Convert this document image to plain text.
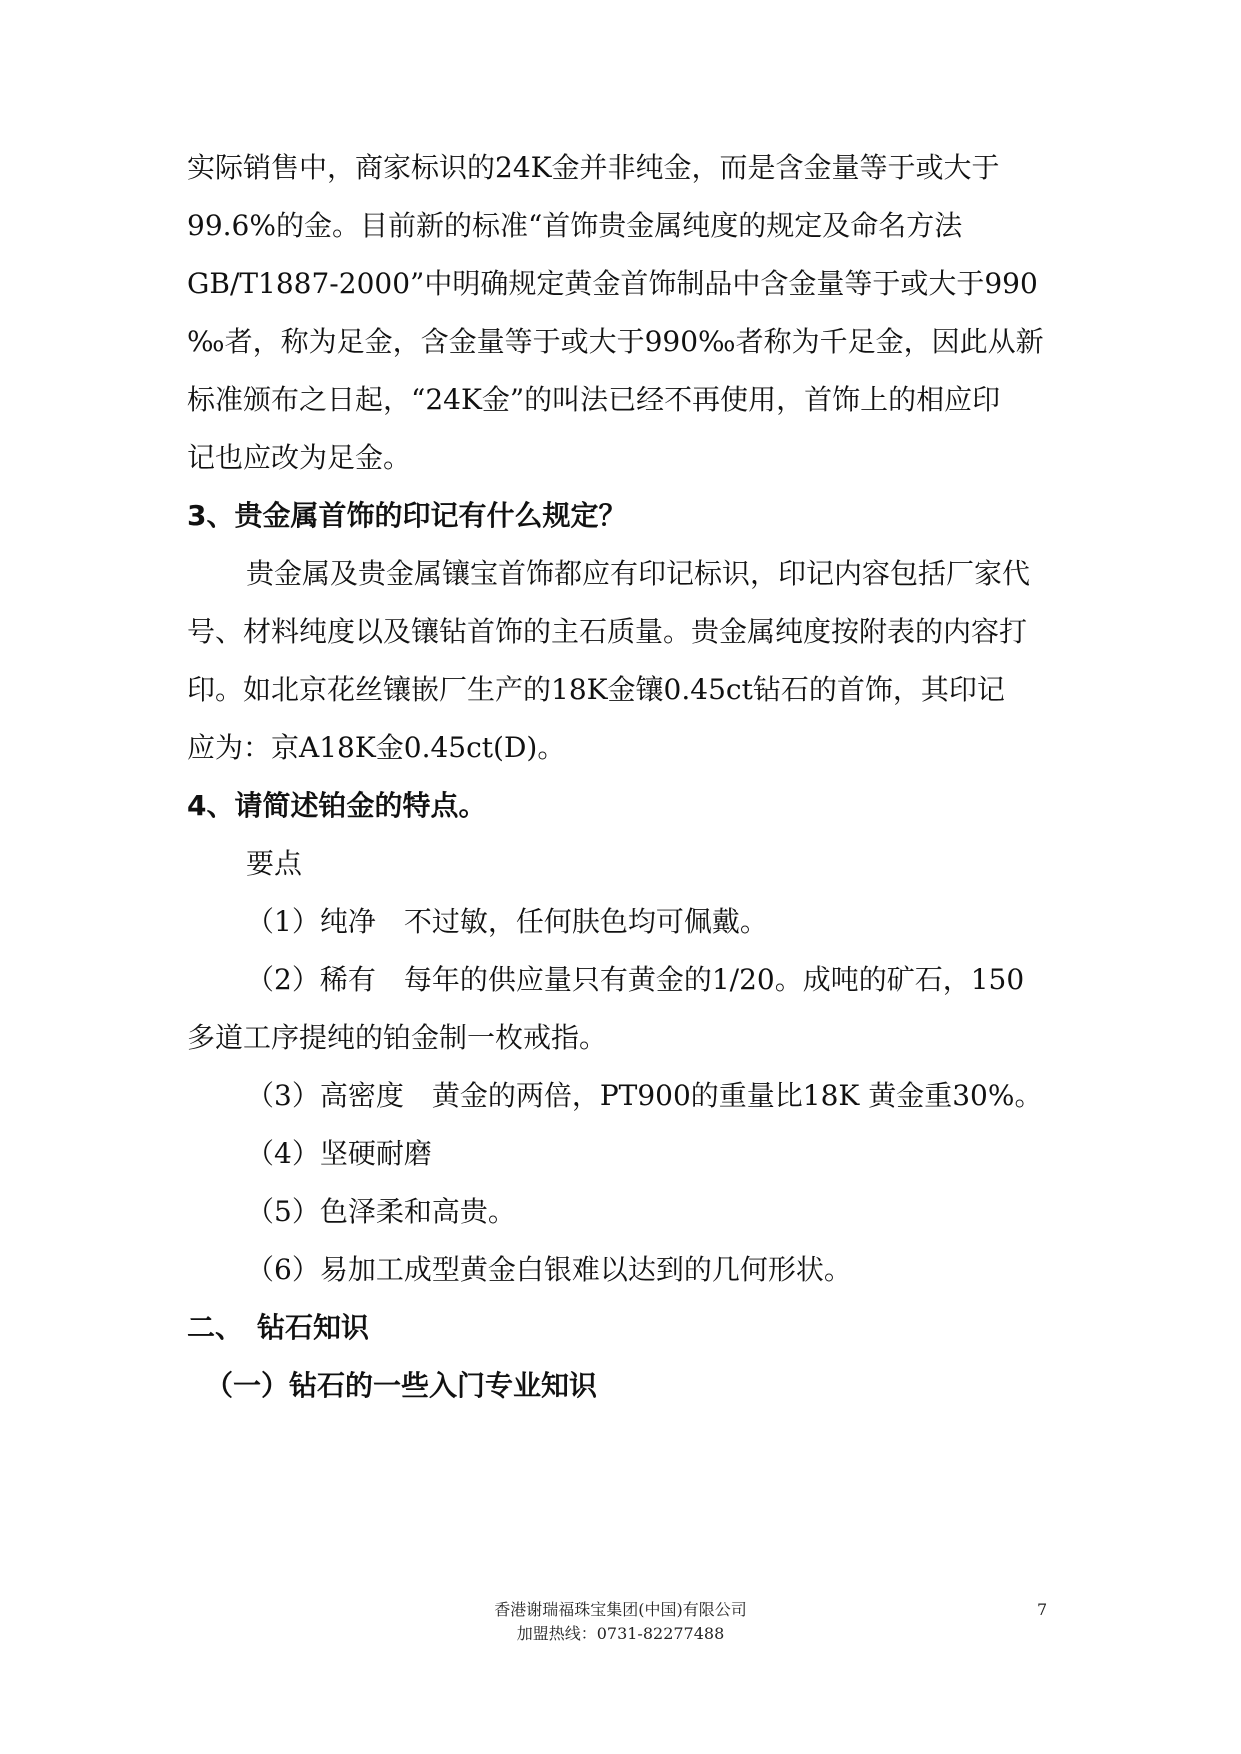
实际销售中，商家标识的24K金并非纯金，而是含金量等于或大于
99.6%的金。目前新的标准“首饰贵金属纯度的规定及命名方法
GB/T1887-2000”中明确规定黄金首饰制品中含金量等于或大于990
‰者，称为足金，含金量等于或大于990‰者称为千足金，因此从新
标准颁布之日起，“24K金”的叫法已经不再使用，首饰上的相应印
记也应改为足金。
3、贵金属首饰的印记有什么规定？
贵金属及贵金属镶宝首饰都应有印记标识，印记内容包括厂家代
号、材料纯度以及镶钻首饰的主石质量。贵金属纯度按附表的内容打
印。如北京花丝镶嵌厂生产的18K金镶0.45ct钻石的首饰，其印记
应为：京A18K金0.45ct(D)。
4、请简述铂金的特点。
要点
（1）纯净　不过敏，任何肤色均可佩戴。
（2）稀有　每年的供应量只有黄金的1/20。成吨的矿石，150
多道工序提纯的铂金制一枚戒指。
（3）高密度　黄金的两倍，PT900的重量比18K 黄金重30%。
（4）坚硬耐磨
（5）色泽柔和高贵。
（6）易加工成型黄金白银难以达到的几何形状。
二、　钻石知识
（一）钻石的一些入门专业知识
香港谢瑞福珠宝集团(中国)有限公司
加盟热线：0731-82277488
7
